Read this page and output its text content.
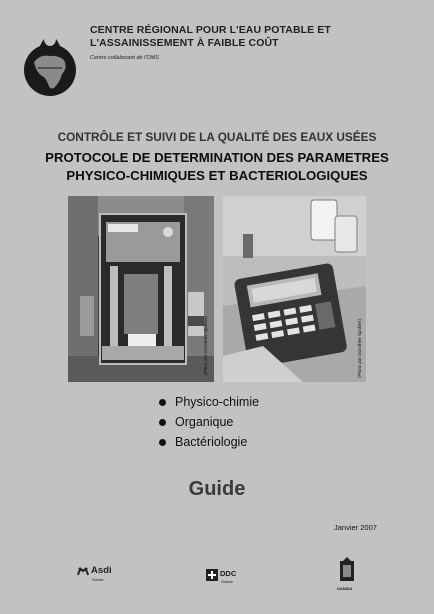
CENTRE RÉGIONAL POUR L'EAU POTABLE ET
L'ASSAINISSEMENT À FAIBLE COÛT
Centre collaborant de l'OMS
CONTRÔLE ET SUIVI DE LA QUALITÉ DES EAUX USÉES
PROTOCOLE DE DETERMINATION DES PARAMETRES
PHYSICO-CHIMIQUES ET BACTERIOLOGIQUES
(Photo par Dorothée Spuhler)	(Photo par Dorothée Spuhler)
Physico-chimie
Organique
Bactériologie
Guide
Janvier 2007
Asdi
Suède
DDC
Suisse
DANIDA
